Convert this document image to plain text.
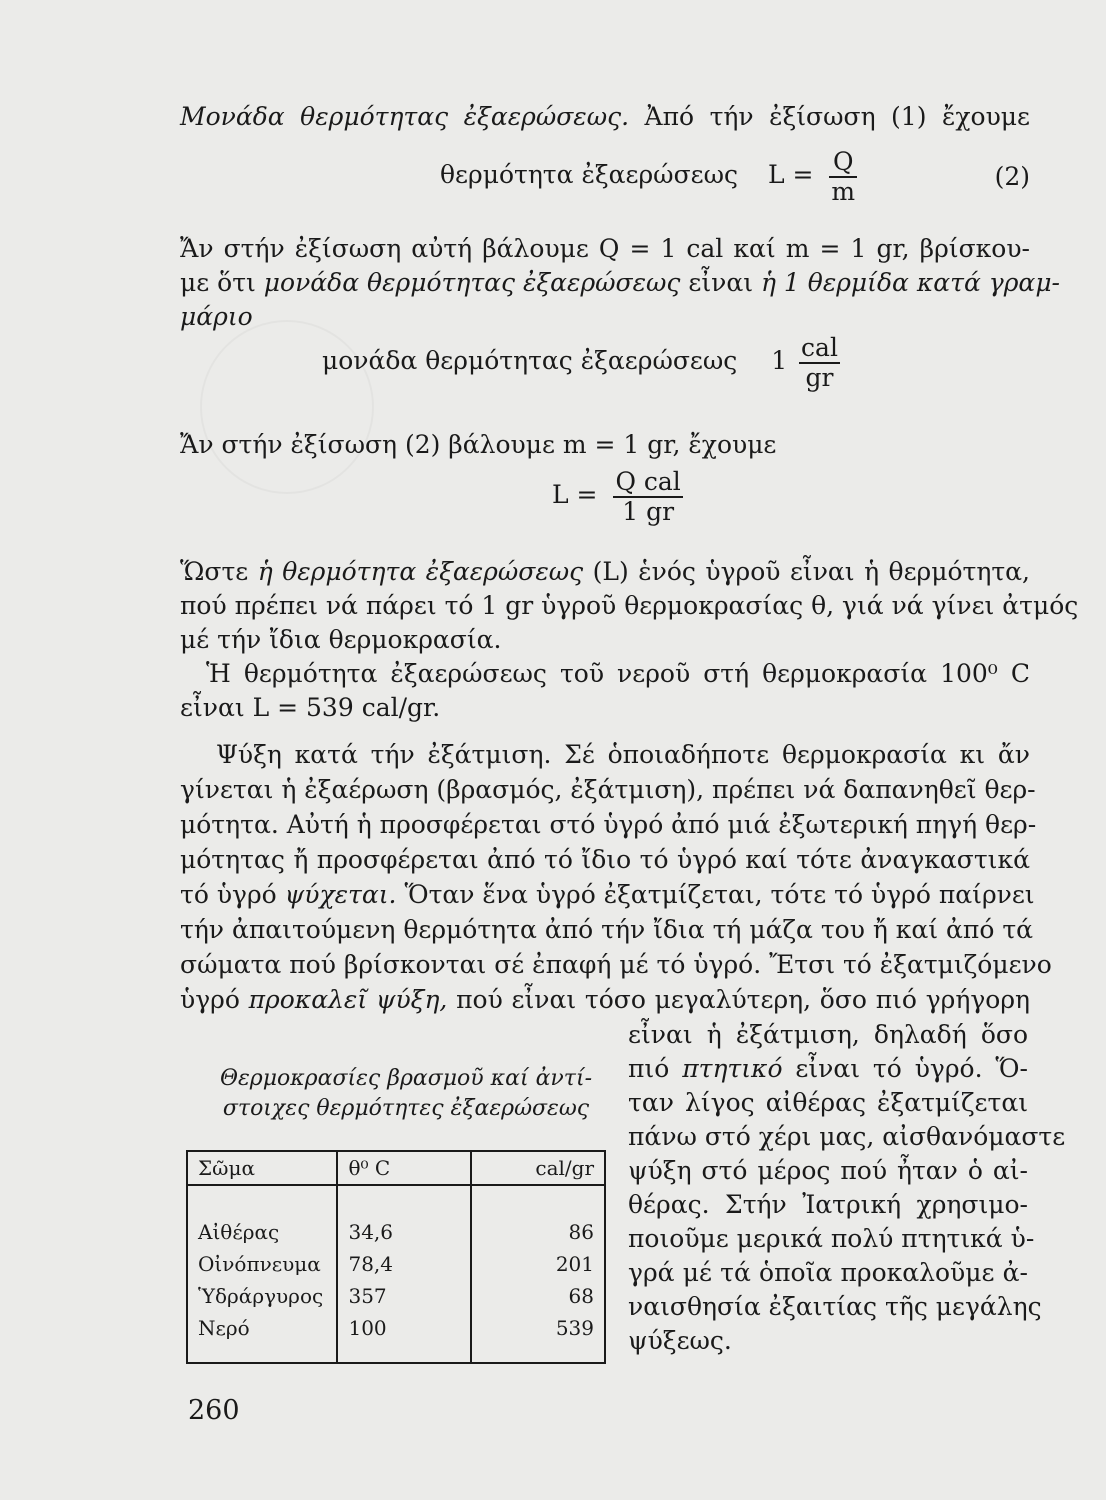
Μονάδα θερμότητας ἐξαερώσεως. Ἀπό τήν ἐξίσωση (1) ἔχουμε
θερμότητα ἐξαερώσεως $L = \frac{Q}{m}$	(2)
Ἄν στήν ἐξίσωση αὐτή βάλουμε Q = 1 cal καί m = 1 gr, βρίσκου-
με ὅτι μονάδα θερμότητας ἐξαερώσεως εἶναι ἡ 1 θερμίδα κατά γραμ-
μάριο
μονάδα θερμότητας ἐξαερώσεως $1 \frac{\text{cal}}{gr}$
Ἄν στήν ἐξίσωση (2) βάλουμε m = 1 gr, ἔχουμε
$L = \frac{\text{Q cal}}{1 gr}$
Ὥστε ἡ θερμότητα ἐξαερώσεως (L) ἑνός ὑγροῦ εἶναι ἡ θερμότητα,
πού πρέπει νά πάρει τό 1 gr ὑγροῦ θερμοκρασίας θ, γιά νά γίνει ἀτμός
μέ τήν ἴδια θερμοκρασία.
Ἡ θερμότητα ἐξαερώσεως τοῦ νεροῦ στή θερμοκρασία 100⁰ C
εἶναι L = 539 cal/gr.
Ψύξη κατά τήν ἐξάτμιση. Σέ ὁποιαδήποτε θερμοκρασία κι ἄν
γίνεται ἡ ἐξαέρωση (βρασμός, ἐξάτμιση), πρέπει νά δαπανηθεῖ θερ-
μότητα. Αὐτή ἡ προσφέρεται στό ὑγρό ἀπό μιά ἐξωτερική πηγή θερ-
μότητας ἤ προσφέρεται ἀπό τό ἴδιο τό ὑγρό καί τότε ἀναγκαστικά
τό ὑγρό ψύχεται. Ὅταν ἕνα ὑγρό ἐξατμίζεται, τότε τό ὑγρό παίρνει
τήν ἀπαιτούμενη θερμότητα ἀπό τήν ἴδια τή μάζα του ἤ καί ἀπό τά
σώματα πού βρίσκονται σέ ἐπαφή μέ τό ὑγρό. Ἔτσι τό ἐξατμιζόμενο
ὑγρό προκαλεῖ ψύξη, πού εἶναι τόσο μεγαλύτερη, ὅσο πιό γρήγορη
εἶναι ἡ ἐξάτμιση, δηλαδή ὅσο
πιό πτητικό εἶναι τό ὑγρό. Ὅ-
ταν λίγος αἰθέρας ἐξατμίζεται
πάνω στό χέρι μας, αἰσθανόμαστε
ψύξη στό μέρος πού ἦταν ὁ αἰ-
θέρας. Στήν Ἰατρική χρησιμο-
ποιοῦμε μερικά πολύ πτητικά ὑ-
γρά μέ τά ὁποῖα προκαλοῦμε ἀ-
ναισθησία ἐξαιτίας τῆς μεγάλης
ψύξεως.
Θερμοκρασίες βρασμοῦ καί ἀντί-
στοιχες θερμότητες ἐξαερώσεως
Σῶμα	θ⁰ C	cal/gr

Αἰθέρας	34,6	86
Οἰνόπνευμα	78,4	201
Ὑδράργυρος	357	68
Νερό	100	539
260
